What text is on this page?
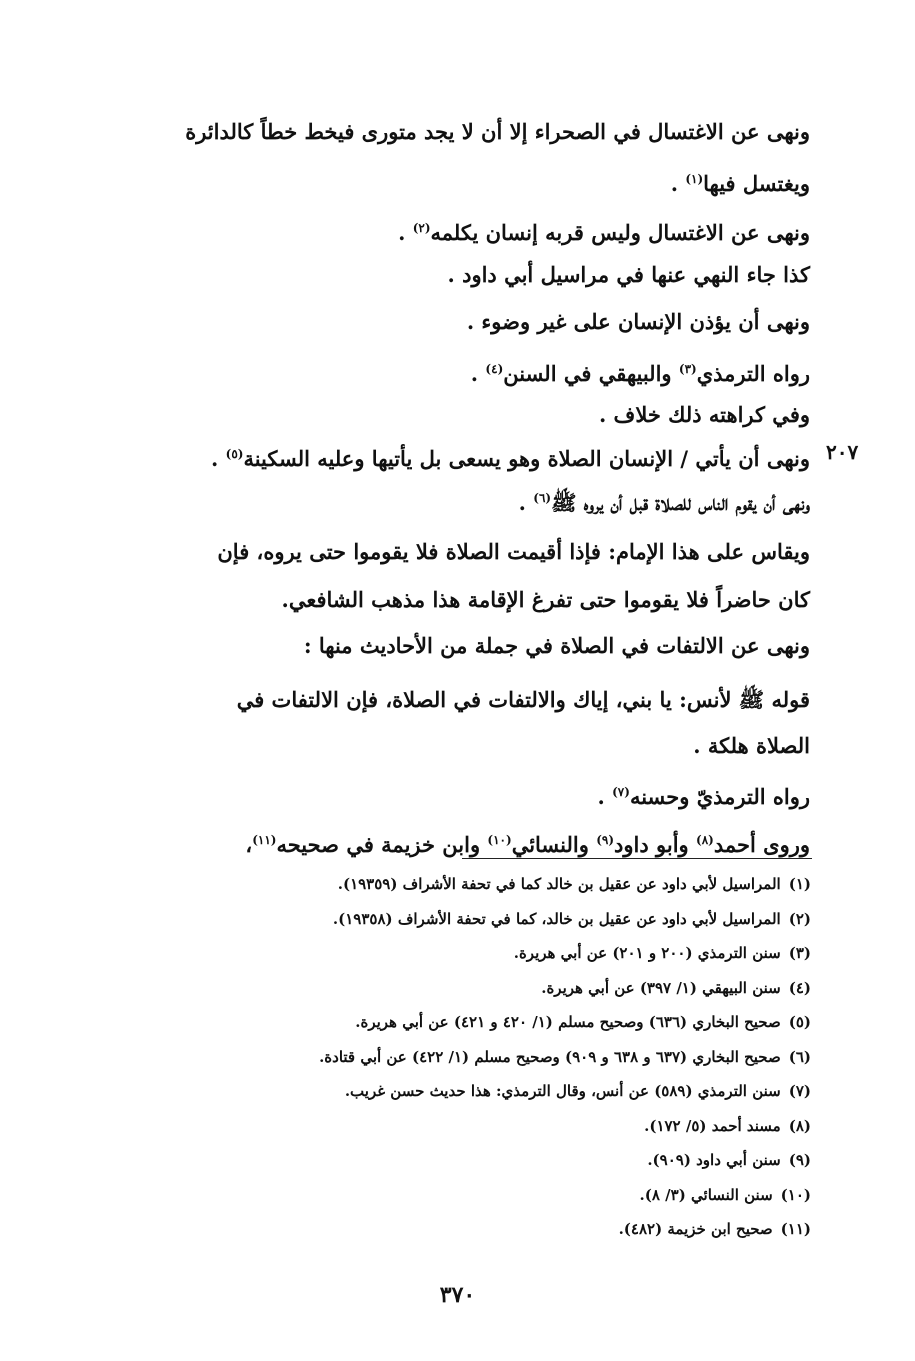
٢٠٧
ونهى عن الاغتسال في الصحراء إلا أن لا يجد متورى فيخط خطاً كالدائرة
ويغتسل فيها$^{(١)}$ .
ونهى عن الاغتسال وليس قربه إنسان يكلمه$^{(٢)}$ .
كذا جاء النهي عنها في مراسيل أبي داود .
ونهى أن يؤذن الإنسان على غير وضوء .
رواه الترمذي$^{(٣)}$ والبيهقي في السنن$^{(٤)}$ .
وفي كراهته ذلك خلاف .
ونهى أن يأتي / الإنسان الصلاة وهو يسعى بل يأتيها وعليه السكينة$^{(٥)}$ .
ونهى أن يقوم الناس للصلاة قبل أن يروه ﷺ$^{(٦)}$ .
ويقاس على هذا الإمام: فإذا أقيمت الصلاة فلا يقوموا حتى يروه، فإن
كان حاضراً فلا يقوموا حتى تفرغ الإقامة هذا مذهب الشافعي.
ونهى عن الالتفات في الصلاة في جملة من الأحاديث منها :
قوله ﷺ لأنس: يا بني، إياك والالتفات في الصلاة، فإن الالتفات في
الصلاة هلكة .
رواه الترمذيّ وحسنه$^{(٧)}$ .
وروى أحمد$^{(٨)}$ وأبو داود$^{(٩)}$ والنسائي$^{(١٠)}$ وابن خزيمة في صحيحه$^{(١١)}$،
(١)المراسيل لأبي داود عن عقيل بن خالد كما في تحفة الأشراف (١٩٣٥٩).
(٢)المراسيل لأبي داود عن عقيل بن خالد، كما في تحفة الأشراف (١٩٣٥٨).
(٣)سنن الترمذي (٢٠٠ و ٢٠١) عن أبي هريرة.
(٤)سنن البيهقي (١/ ٣٩٧) عن أبي هريرة.
(٥)صحيح البخاري (٦٣٦) وصحيح مسلم (١/ ٤٢٠ و ٤٢١) عن أبي هريرة.
(٦)صحيح البخاري (٦٣٧ و ٦٣٨ و ٩٠٩) وصحيح مسلم (١/ ٤٢٢) عن أبي قتادة.
(٧)سنن الترمذي (٥٨٩) عن أنس، وقال الترمذي: هذا حديث حسن غريب.
(٨)مسند أحمد (٥/ ١٧٢).
(٩)سنن أبي داود (٩٠٩).
(١٠)سنن النسائي (٣/ ٨).
(١١)صحيح ابن خزيمة (٤٨٢).
٣٧٠
